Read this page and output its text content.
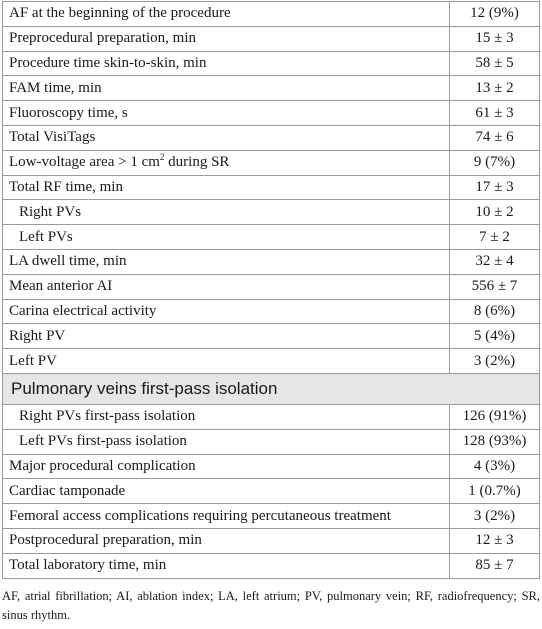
AF at the beginning of the procedure	12 (9%)
Preprocedural preparation, min	15 ± 3
Procedure time skin-to-skin, min	58 ± 5
FAM time, min	13 ± 2
Fluoroscopy time, s	61 ± 3
Total VisiTags	74 ± 6
Low-voltage area > 1 $cm^2$ during SR	9 (7%)
Total RF time, min	17 ± 3
Right PVs	10 ± 2
Left PVs	7 ± 2
LA dwell time, min	32 ± 4
Mean anterior AI	556 ± 7
Carina electrical activity	8 (6%)
Right PV	5 (4%)
Left PV	3 (2%)
Pulmonary veins first-pass isolation	
Right PVs first-pass isolation	126 (91%)
Left PVs first-pass isolation	128 (93%)
Major procedural complication	4 (3%)
Cardiac tamponade	1 (0.7%)
Femoral access complications requiring percutaneous treatment	3 (2%)
Postprocedural preparation, min	12 ± 3
Total laboratory time, min	85 ± 7
AF, atrial fibrillation; AI, ablation index; LA, left atrium; PV, pulmonary vein; RF, radiofrequency; SR, sinus rhythm.
